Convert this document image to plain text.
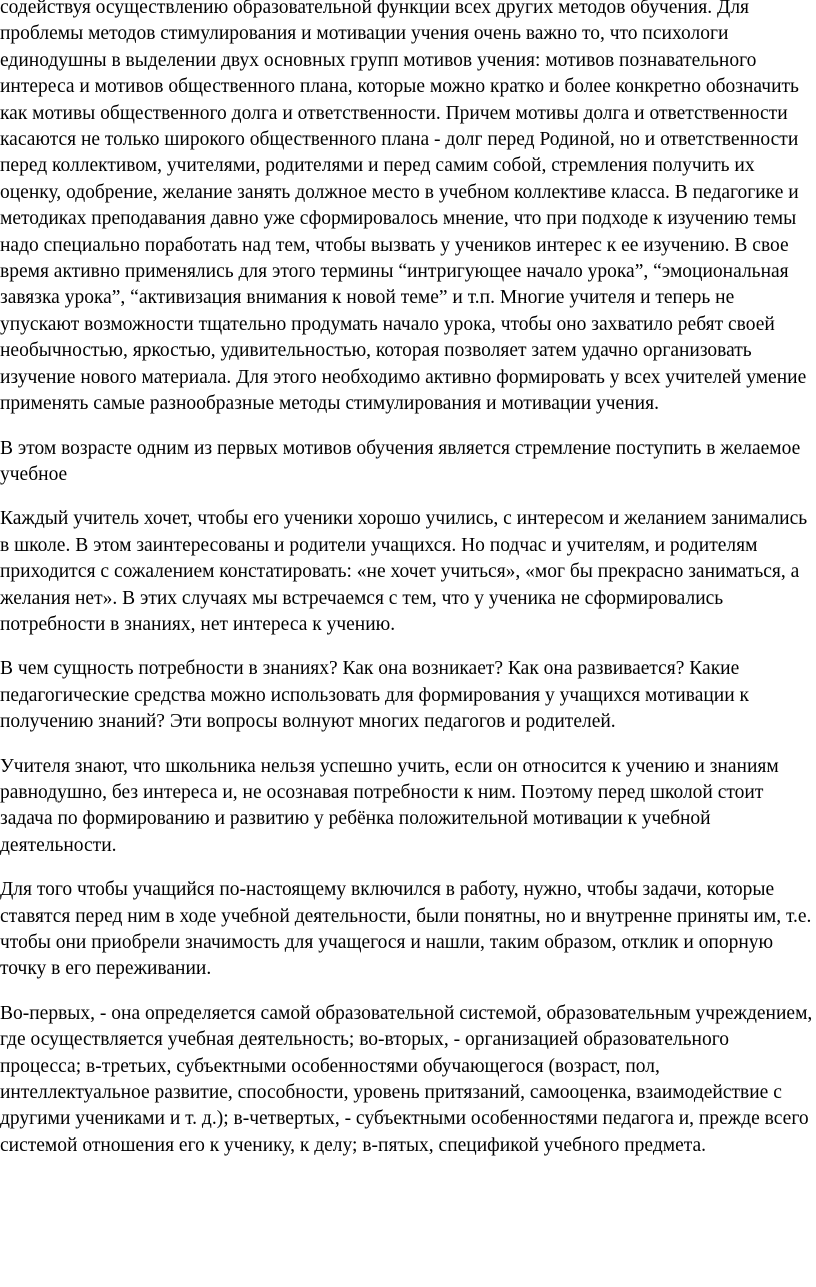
содействуя осуществлению образовательной функции всех других методов обучения. Для проблемы методов стимулирования и мотивации учения очень важно то, что психологи единодушны в выделении двух основных групп мотивов учения: мотивов познавательного интереса и мотивов общественного плана, которые можно кратко и более конкретно обозначить как мотивы общественного долга и ответственности. Причем мотивы долга и ответственности касаются не только широкого общественного плана - долг перед Родиной, но и ответственности перед коллективом, учителями, родителями и перед самим собой, стремления получить их оценку, одобрение, желание занять должное место в учебном коллективе класса. В педагогике и методиках преподавания давно уже сформировалось мнение, что при подходе к изучению темы надо специально поработать над тем, чтобы вызвать у учеников интерес к ее изучению. В свое время активно применялись для этого термины “интригующее начало урока”, “эмоциональная завязка урока”, “активизация внимания к новой теме” и т.п. Многие учителя и теперь не упускают возможности тщательно продумать начало урока, чтобы оно захватило ребят своей необычностью, яркостью, удивительностью, которая позволяет затем удачно организовать изучение нового материала. Для этого необходимо активно формировать у всех учителей умение применять самые разнообразные методы стимулирования и мотивации учения.

В этом возрасте одним из первых мотивов обучения является стремление поступить в желаемое учебное

Каждый учитель хочет, чтобы его ученики хорошо учились, с интересом и желанием занимались в школе. В этом заинтересованы и родители учащихся. Но подчас и учителям, и родителям приходится с сожалением констатировать: «не хочет учиться», «мог бы прекрасно заниматься, а желания нет». В этих случаях мы встречаемся с тем, что у ученика не сформировались потребности в знаниях, нет интереса к учению.

В чем сущность потребности в знаниях? Как она возникает? Как она развивается? Какие педагогические средства можно использовать для формирования у учащихся мотивации к получению знаний? Эти вопросы волнуют многих педагогов и родителей.

Учителя знают, что школьника нельзя успешно учить, если он относится к учению и знаниям равнодушно, без интереса и, не осознавая потребности к ним. Поэтому перед школой стоит задача по формированию и развитию у ребёнка положительной мотивации к учебной деятельности.

Для того чтобы учащийся по-настоящему включился в работу, нужно, чтобы задачи, которые ставятся перед ним в ходе учебной деятельности, были понятны, но и внутренне приняты им, т.е. чтобы они приобрели значимость для учащегося и нашли, таким образом, отклик и опорную точку в его переживании.

Во-первых, - она определяется самой образовательной системой, образовательным учреждением, где осуществляется учебная деятельность; во-вторых, - организацией образовательного процесса; в-третьих, субъектными особенностями обучающегося (возраст, пол, интеллектуальное развитие, способности, уровень притязаний, самооценка, взаимодействие с другими учениками и т. д.); в-четвертых, - субъектными особенностями педагога и, прежде всего системой отношения его к ученику, к делу; в-пятых, спецификой учебного предмета.
